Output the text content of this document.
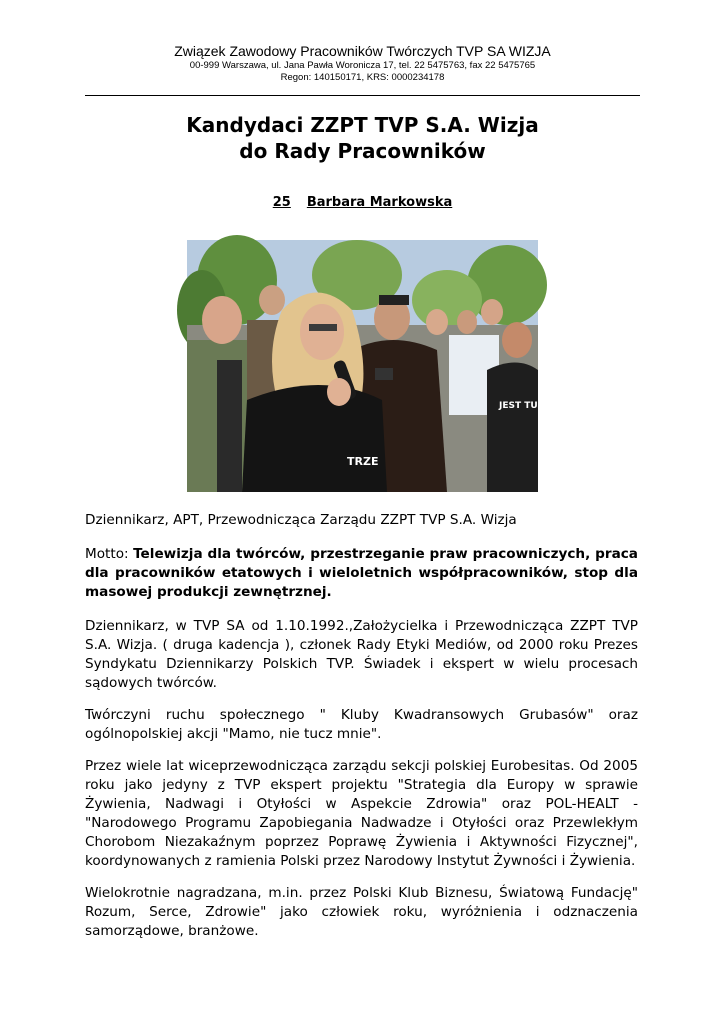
Związek Zawodowy Pracowników Twórczych TVP SA WIZJA
00-999 Warszawa, ul. Jana Pawła Woronicza 17, tel. 22 5475763, fax 22 5475765
Regon: 140150171, KRS: 0000234178
Kandydaci ZZPT TVP S.A. Wizja
do Rady Pracowników
25 Barbara Markowska
JEST TU POTRZ
TRZE
Dziennikarz, APT, Przewodnicząca Zarządu ZZPT TVP S.A. Wizja
Motto: Telewizja dla twórców, przestrzeganie praw pracowniczych, praca dla pracowników etatowych i wieloletnich współpracowników, stop dla masowej produkcji zewnętrznej.
Dziennikarz, w TVP SA od 1.10.1992.,Założycielka i Przewodnicząca ZZPT TVP S.A. Wizja. ( druga kadencja ), członek Rady Etyki Mediów, od 2000 roku Prezes Syndykatu Dziennikarzy Polskich TVP. Świadek i ekspert w wielu procesach sądowych twórców.
Twórczyni ruchu społecznego " Kluby Kwadransowych Grubasów" oraz ogólnopolskiej akcji "Mamo, nie tucz mnie".
Przez wiele lat wiceprzewodnicząca zarządu sekcji polskiej Eurobesitas. Od 2005 roku jako jedyny z TVP ekspert projektu "Strategia dla Europy w sprawie Żywienia, Nadwagi i Otyłości w Aspekcie Zdrowia" oraz POL-HEALT -"Narodowego Programu Zapobiegania Nadwadze i Otyłości oraz Przewlekłym Chorobom Niezakaźnym poprzez Poprawę Żywienia i Aktywności Fizycznej", koordynowanych z ramienia Polski przez Narodowy Instytut Żywności i Żywienia.
Wielokrotnie nagradzana, m.in. przez Polski Klub Biznesu, Światową Fundację" Rozum, Serce, Zdrowie" jako człowiek roku, wyróżnienia i odznaczenia samorządowe, branżowe.
